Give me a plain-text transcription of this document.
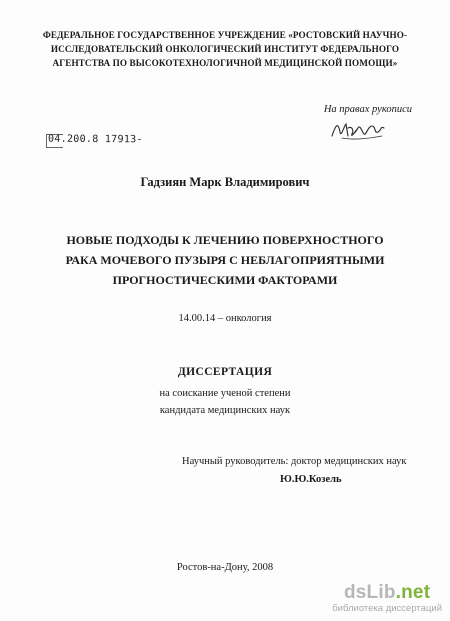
ФЕДЕРАЛЬНОЕ ГОСУДАРСТВЕННОЕ УЧРЕЖДЕНИЕ «РОСТОВСКИЙ НАУЧНО-
ИССЛЕДОВАТЕЛЬСКИЙ ОНКОЛОГИЧЕСКИЙ ИНСТИТУТ ФЕДЕРАЛЬНОГО
АГЕНТСТВА ПО ВЫСОКОТЕХНОЛОГИЧНОЙ МЕДИЦИНСКОЙ ПОМОЩИ»
На правах рукописи
04.200.8 17913-
Гадзиян Марк Владимирович
НОВЫЕ ПОДХОДЫ К ЛЕЧЕНИЮ ПОВЕРХНОСТНОГО
РАКА МОЧЕВОГО ПУЗЫРЯ С НЕБЛАГОПРИЯТНЫМИ
ПРОГНОСТИЧЕСКИМИ ФАКТОРАМИ
14.00.14 – онкология
ДИССЕРТАЦИЯ
на соискание ученой степени
кандидата медицинских наук
Научный руководитель: доктор медицинских наук
Ю.Ю.Козель
Ростов-на-Дону, 2008
dsLib.net
библиотека диссертаций
